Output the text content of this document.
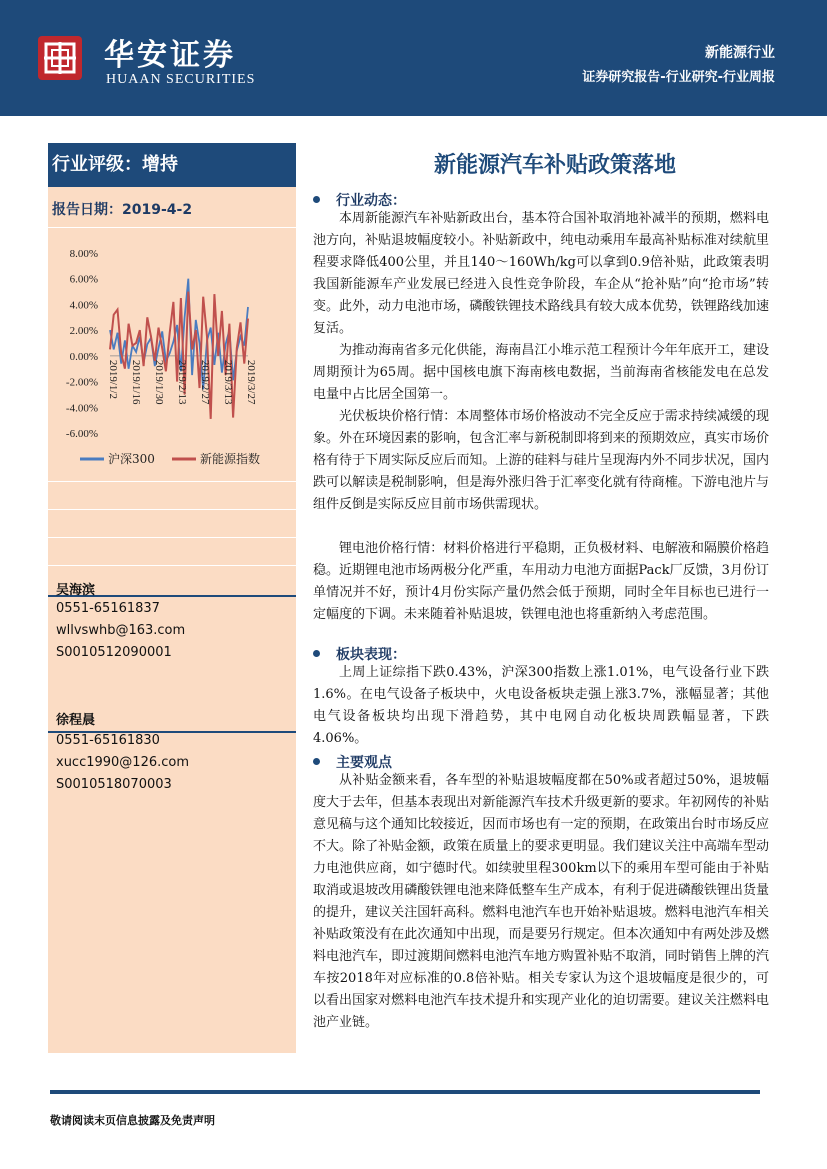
华安证券
HUAAN SECURITIES
新能源行业
证券研究报告-行业研究-行业周报
行业评级：增持
报告日期：2019-4-2
8.00%
6.00%
4.00%
2.00%
0.00%
-2.00%
-4.00%
-6.00%
2019/1/2 2019/1/16 2019/1/30 2019/2/13 2019/2/27 2019/3/13 2019/3/27
沪深300	新能源指数
吴海滨
0551-65161837
wllvswhb@163.com
S0010512090001
徐程晨
0551-65161830
xucc1990@126.com
S0010518070003
新能源汽车补贴政策落地
行业动态：
本周新能源汽车补贴新政出台，基本符合国补取消地补减半的预期，燃料电池方向，补贴退坡幅度较小。补贴新政中，纯电动乘用车最高补贴标准对续航里程要求降低400公里，并且140～160Wh/kg可以拿到0.9倍补贴，此政策表明我国新能源车产业发展已经进入良性竞争阶段，车企从“抢补贴”向“抢市场”转变。此外，动力电池市场，磷酸铁锂技术路线具有较大成本优势，铁锂路线加速复活。
为推动海南省多元化供能，海南昌江小堆示范工程预计今年年底开工，建设周期预计为65周。据中国核电旗下海南核电数据，当前海南省核能发电在总发电量中占比居全国第一。
光伏板块价格行情：本周整体市场价格波动不完全反应于需求持续减缓的现象。外在环境因素的影响，包含汇率与新税制即将到来的预期效应，真实市场价格有待于下周实际反应后而知。上游的硅料与硅片呈现海内外不同步状况，国内跌可以解读是税制影响，但是海外涨归咎于汇率变化就有待商榷。下游电池片与组件反倒是实际反应目前市场供需现状。
锂电池价格行情：材料价格进行平稳期，正负极材料、电解液和隔膜价格趋稳。近期锂电池市场两极分化严重，车用动力电池方面据Pack厂反馈，3月份订单情况并不好，预计4月份实际产量仍然会低于预期，同时全年目标也已进行一定幅度的下调。未来随着补贴退坡，铁锂电池也将重新纳入考虑范围。
板块表现：
上周上证综指下跌0.43%，沪深300指数上涨1.01%，电气设备行业下跌1.6%。在电气设备子板块中，火电设备板块走强上涨3.7%，涨幅显著；其他电气设备板块均出现下滑趋势，其中电网自动化板块周跌幅显著，下跌4.06%。
主要观点
从补贴金额来看，各车型的补贴退坡幅度都在50%或者超过50%，退坡幅度大于去年，但基本表现出对新能源汽车技术升级更新的要求。年初网传的补贴意见稿与这个通知比较接近，因而市场也有一定的预期，在政策出台时市场反应不大。除了补贴金额，政策在质量上的要求更明显。我们建议关注中高端车型动力电池供应商，如宁德时代。如续驶里程300km以下的乘用车型可能由于补贴取消或退坡改用磷酸铁锂电池来降低整车生产成本，有利于促进磷酸铁锂出货量的提升，建议关注国轩高科。燃料电池汽车也开始补贴退坡。燃料电池汽车相关补贴政策没有在此次通知中出现，而是要另行规定。但本次通知中有两处涉及燃料电池汽车，即过渡期间燃料电池汽车地方购置补贴不取消，同时销售上牌的汽车按2018年对应标准的0.8倍补贴。相关专家认为这个退坡幅度是很少的，可以看出国家对燃料电池汽车技术提升和实现产业化的迫切需要。建议关注燃料电池产业链。
敬请阅读末页信息披露及免责声明
